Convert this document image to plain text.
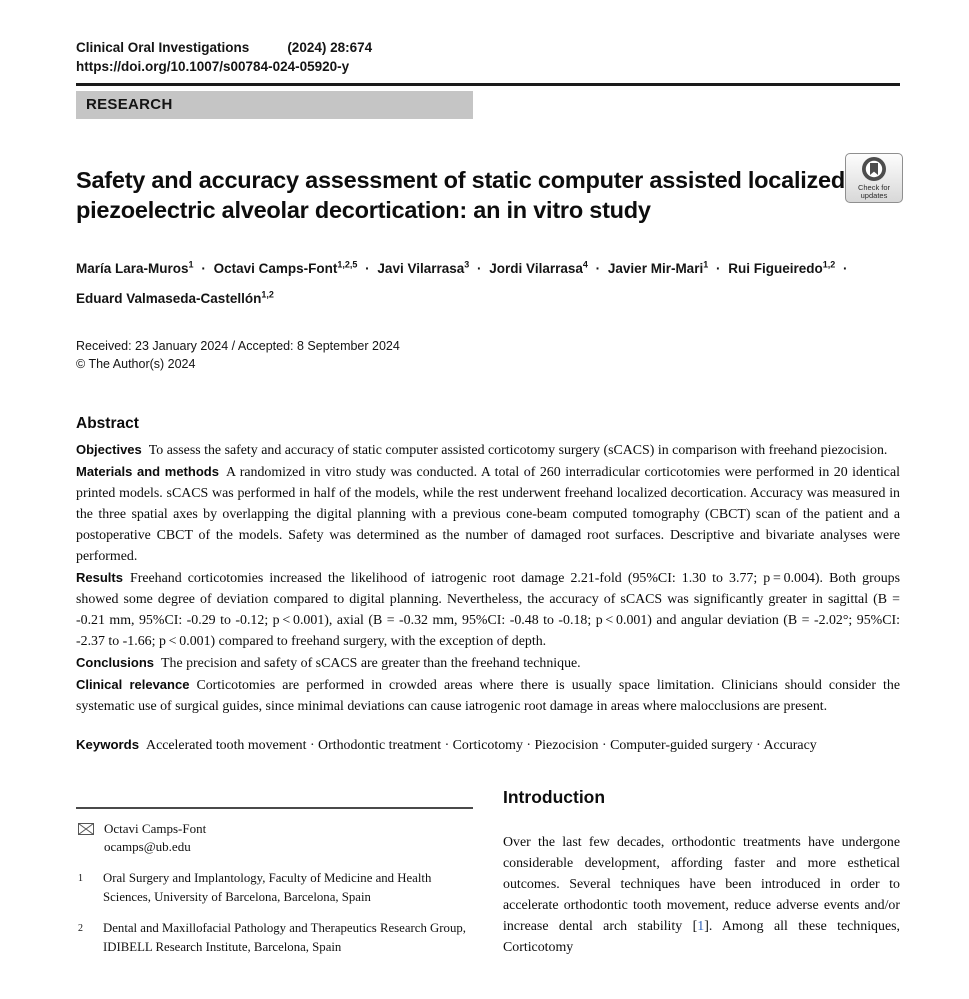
Clinical Oral Investigations	(2024) 28:674
https://doi.org/10.1007/s00784-024-05920-y
RESEARCH
Check for
updates
Safety and accuracy assessment of static computer assisted localized piezoelectric alveolar decortication: an in vitro study
María Lara-Muros$^1$ · Octavi Camps-Font$^{1,2,5}$ · Javi Vilarrasa$^3$ · Jordi Vilarrasa$^4$ · Javier Mir-Mari$^1$ · Rui Figueiredo$^{1,2}$ · Eduard Valmaseda-Castellón$^{1,2}$
Received: 23 January 2024 / Accepted: 8 September 2024
© The Author(s) 2024
Abstract

Objectives To assess the safety and accuracy of static computer assisted corticotomy surgery (sCACS) in comparison with freehand piezocision.

Materials and methods A randomized in vitro study was conducted. A total of 260 interradicular corticotomies were performed in 20 identical printed models. sCACS was performed in half of the models, while the rest underwent freehand localized decortication. Accuracy was measured in the three spatial axes by overlapping the digital planning with a previous cone-beam computed tomography (CBCT) scan of the patient and a postoperative CBCT of the models. Safety was determined as the number of damaged root surfaces. Descriptive and bivariate analyses were performed.

Results Freehand corticotomies increased the likelihood of iatrogenic root damage 2.21-fold (95%CI: 1.30 to 3.77; p = 0.004). Both groups showed some degree of deviation compared to digital planning. Nevertheless, the accuracy of sCACS was significantly greater in sagittal (B = -0.21 mm, 95%CI: -0.29 to -0.12; p < 0.001), axial (B = -0.32 mm, 95%CI: -0.48 to -0.18; p < 0.001) and angular deviation (B = -2.02°; 95%CI: -2.37 to -1.66; p < 0.001) compared to freehand surgery, with the exception of depth.

Conclusions The precision and safety of sCACS are greater than the freehand technique.

Clinical relevance Corticotomies are performed in crowded areas where there is usually space limitation. Clinicians should consider the systematic use of surgical guides, since minimal deviations can cause iatrogenic root damage in areas where malocclusions are present.

Keywords Accelerated tooth movement · Orthodontic treatment · Corticotomy · Piezocision · Computer-guided surgery · Accuracy
Octavi Camps-Font
ocamps@ub.edu
1	Oral Surgery and Implantology, Faculty of Medicine and Health Sciences, University of Barcelona, Barcelona, Spain
2	Dental and Maxillofacial Pathology and Therapeutics Research Group, IDIBELL Research Institute, Barcelona, Spain
Introduction

Over the last few decades, orthodontic treatments have undergone considerable development, affording faster and more esthetical outcomes. Several techniques have been introduced in order to accelerate orthodontic tooth movement, reduce adverse events and/or increase dental arch stability [1]. Among all these techniques, Corticotomy
